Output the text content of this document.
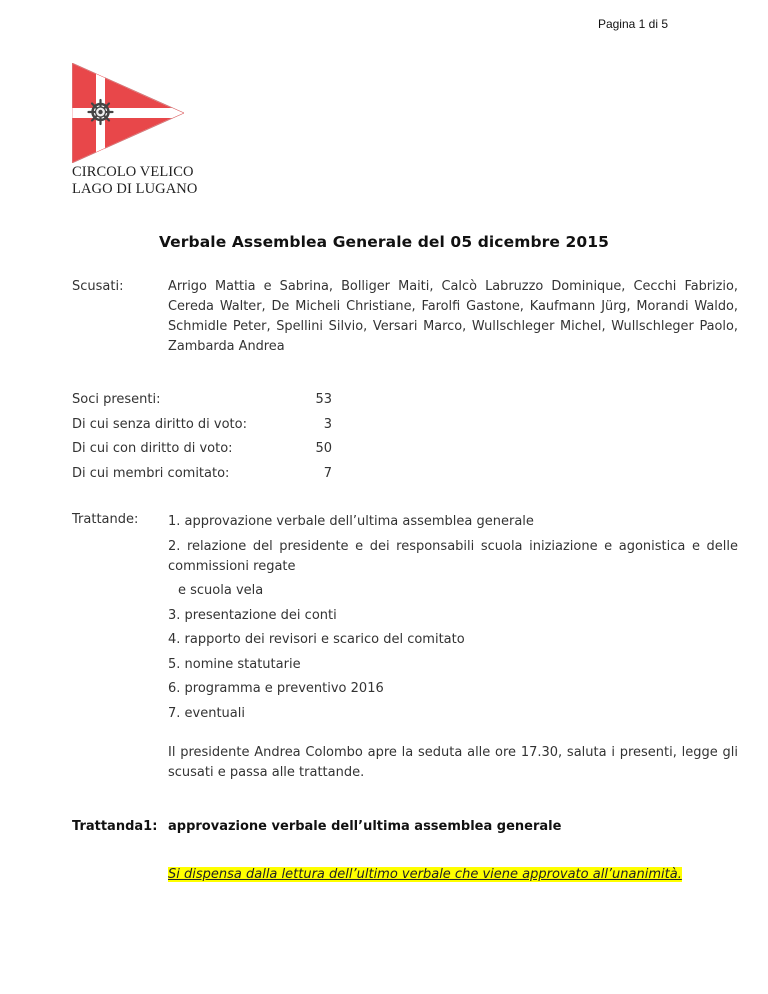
Pagina 1 di 5
CIRCOLO VELICO
LAGO DI LUGANO
Verbale Assemblea Generale del 05 dicembre 2015
Scusati:	Arrigo Mattia e Sabrina, Bolliger Maiti, Calcò Labruzzo Dominique, Cecchi Fabrizio, Cereda Walter, De Micheli Christiane, Farolfi Gastone, Kaufmann Jürg, Morandi Waldo, Schmidle Peter, Spellini Silvio, Versari Marco, Wullschleger Michel, Wullschleger Paolo, Zambarda Andrea
Soci presenti:	53
Di cui senza diritto di voto:	3
Di cui con diritto di voto:	50
Di cui membri comitato:	7
Trattande: 1. approvazione verbale dell’ultima assemblea generale
2. relazione del presidente e dei responsabili scuola iniziazione e agonistica e delle commissioni regate
e scuola vela
3. presentazione dei conti
4. rapporto dei revisori e scarico del comitato
5. nomine statutarie
6. programma e preventivo 2016
7. eventuali
Il presidente Andrea Colombo apre la seduta alle ore 17.30, saluta i presenti, legge gli scusati e passa alle trattande.
Trattanda1: approvazione verbale dell’ultima assemblea generale
Si dispensa dalla lettura dell’ultimo verbale che viene approvato all’unanimità.
